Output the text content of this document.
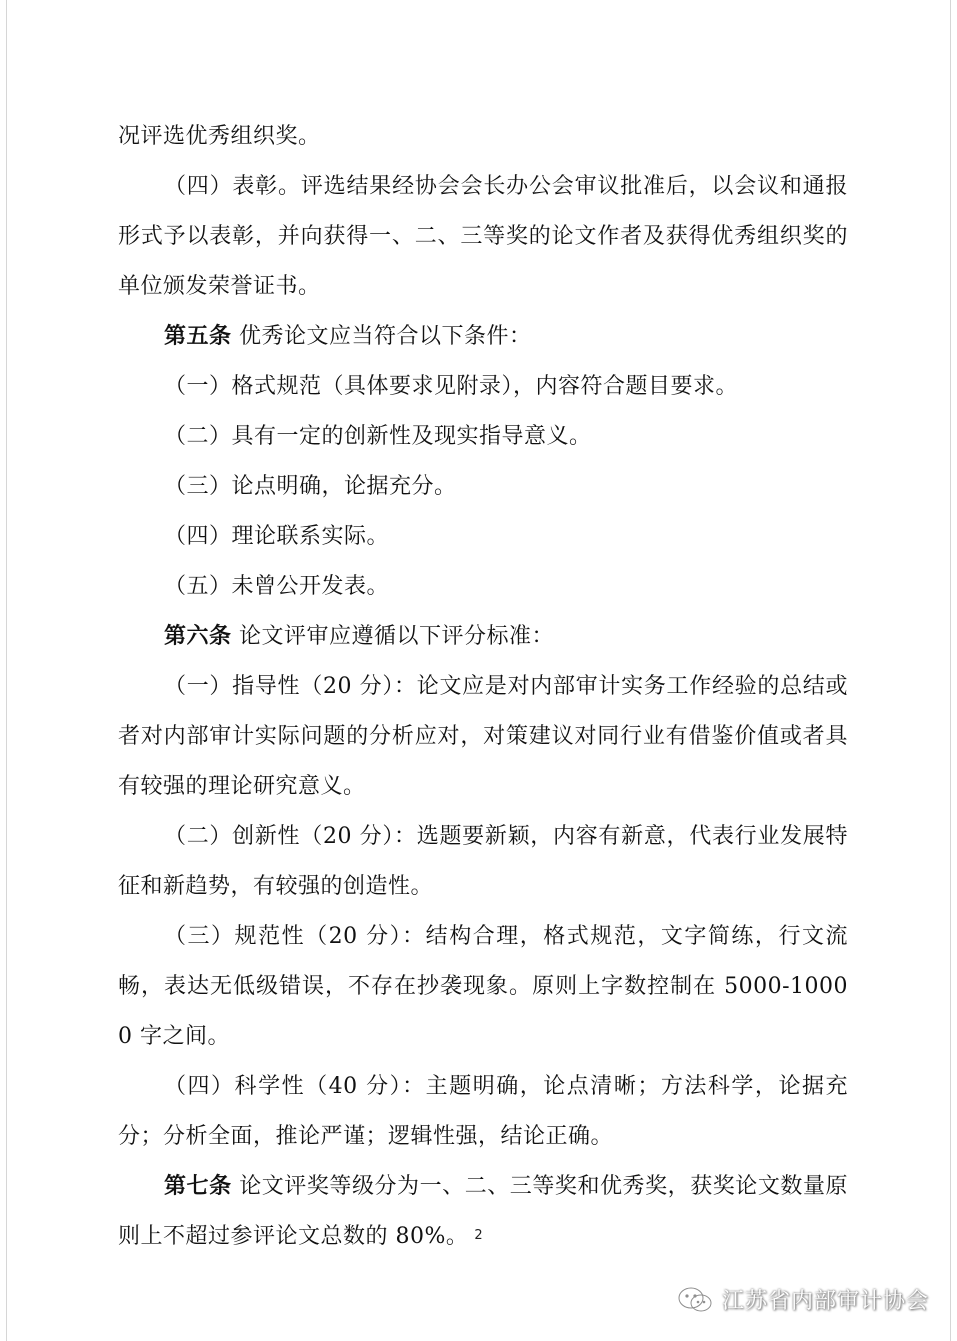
况评选优秀组织奖。

（四）表彰。评选结果经协会会长办公会审议批准后，以会议和通报形式予以表彰，并向获得一、二、三等奖的论文作者及获得优秀组织奖的单位颁发荣誉证书。

第五条 优秀论文应当符合以下条件：

（一）格式规范（具体要求见附录），内容符合题目要求。

（二）具有一定的创新性及现实指导意义。

（三）论点明确，论据充分。

（四）理论联系实际。

（五）未曾公开发表。

第六条 论文评审应遵循以下评分标准：

（一）指导性（20 分）：论文应是对内部审计实务工作经验的总结或者对内部审计实际问题的分析应对，对策建议对同行业有借鉴价值或者具有较强的理论研究意义。

（二）创新性（20 分）：选题要新颖，内容有新意，代表行业发展特征和新趋势，有较强的创造性。

（三）规范性（20 分）：结构合理，格式规范，文字简练，行文流畅，表达无低级错误，不存在抄袭现象。原则上字数控制在 5000-10000 字之间。

（四）科学性（40 分）：主题明确，论点清晰；方法科学，论据充分；分析全面，推论严谨；逻辑性强，结论正确。

第七条 论文评奖等级分为一、二、三等奖和优秀奖，获奖论文数量原则上不超过参评论文总数的 80%。 2
江苏省内部审计协会
